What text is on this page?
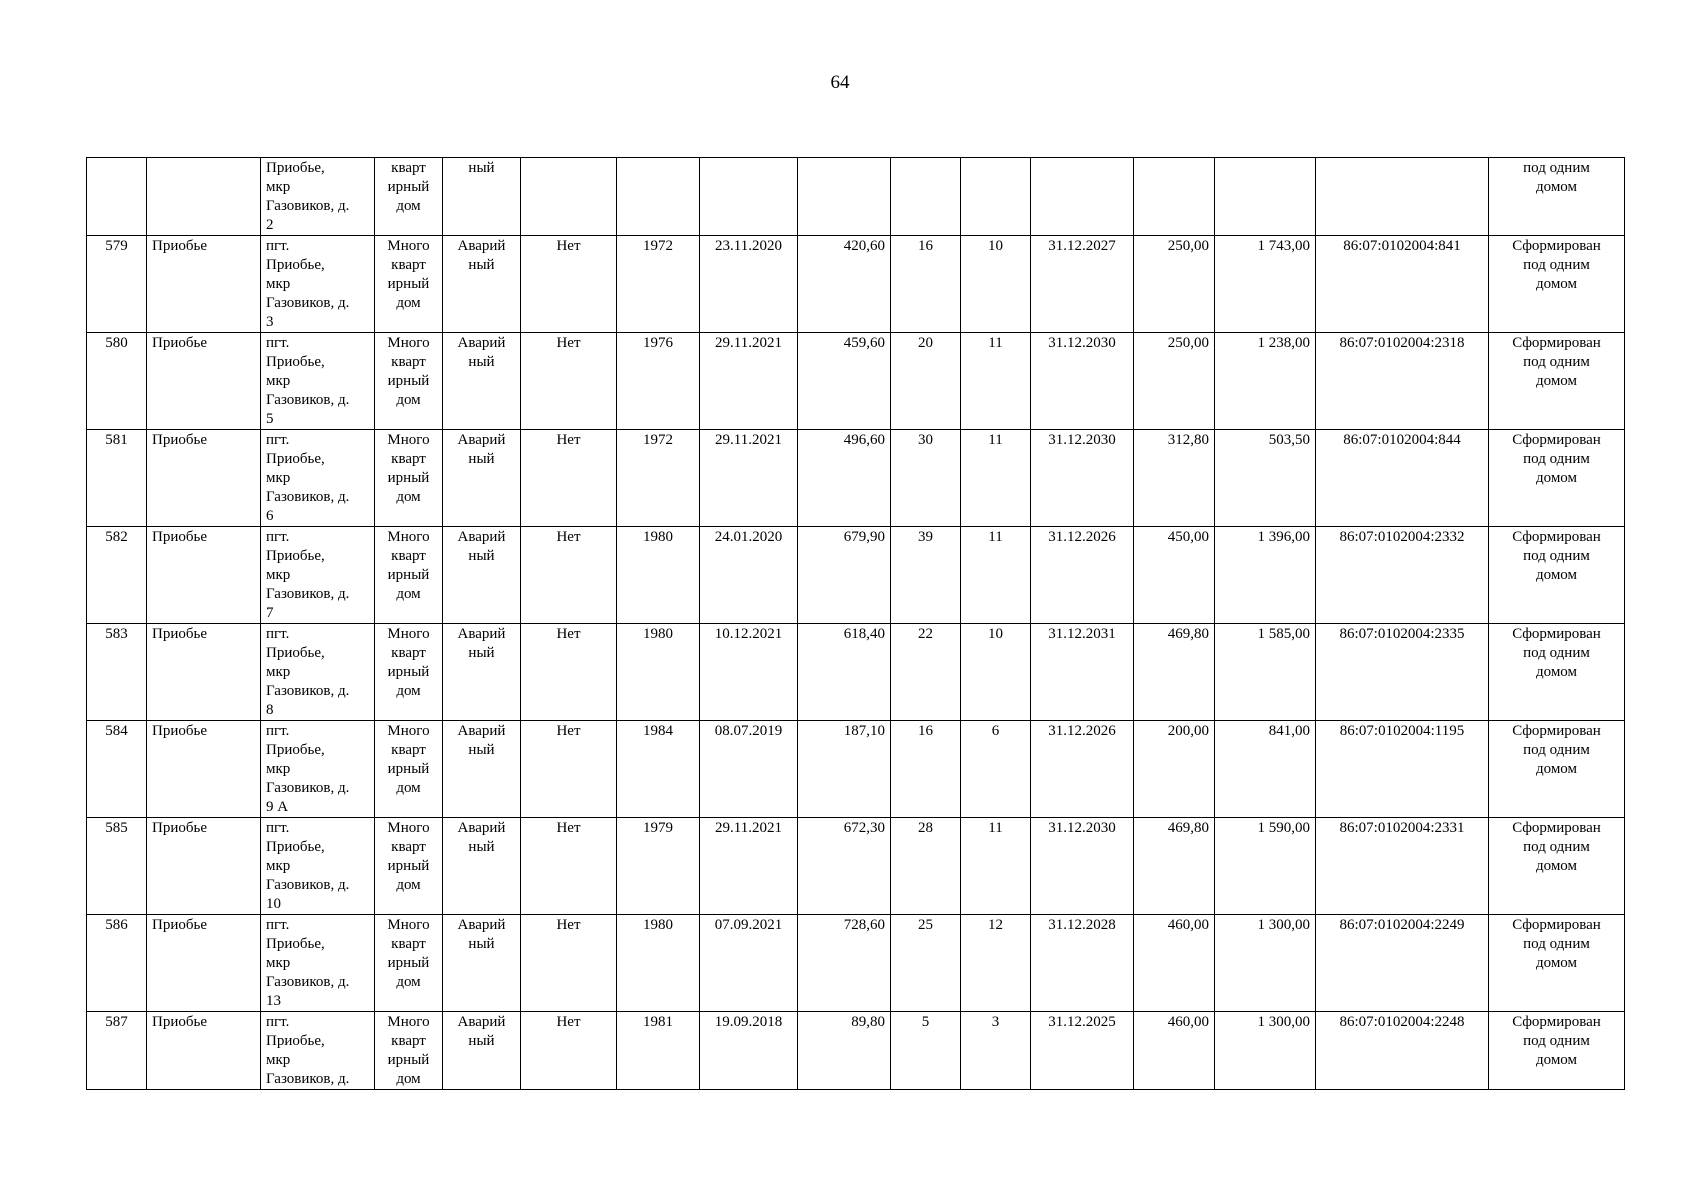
64
		Приобье,
мкр
Газовиков, д.
2	кварт
ирный
дом	ный											под одним
домом
579	Приобье	пгт.
Приобье,
мкр
Газовиков, д.
3	Много
кварт
ирный
дом	Аварий
ный	Нет	1972	23.11.2020	420,60	16	10	31.12.2027	250,00	1 743,00	86:07:0102004:841	Сформирован
под одним
домом
580	Приобье	пгт.
Приобье,
мкр
Газовиков, д.
5	Много
кварт
ирный
дом	Аварий
ный	Нет	1976	29.11.2021	459,60	20	11	31.12.2030	250,00	1 238,00	86:07:0102004:2318	Сформирован
под одним
домом
581	Приобье	пгт.
Приобье,
мкр
Газовиков, д.
6	Много
кварт
ирный
дом	Аварий
ный	Нет	1972	29.11.2021	496,60	30	11	31.12.2030	312,80	503,50	86:07:0102004:844	Сформирован
под одним
домом
582	Приобье	пгт.
Приобье,
мкр
Газовиков, д.
7	Много
кварт
ирный
дом	Аварий
ный	Нет	1980	24.01.2020	679,90	39	11	31.12.2026	450,00	1 396,00	86:07:0102004:2332	Сформирован
под одним
домом
583	Приобье	пгт.
Приобье,
мкр
Газовиков, д.
8	Много
кварт
ирный
дом	Аварий
ный	Нет	1980	10.12.2021	618,40	22	10	31.12.2031	469,80	1 585,00	86:07:0102004:2335	Сформирован
под одним
домом
584	Приобье	пгт.
Приобье,
мкр
Газовиков, д.
9 А	Много
кварт
ирный
дом	Аварий
ный	Нет	1984	08.07.2019	187,10	16	6	31.12.2026	200,00	841,00	86:07:0102004:1195	Сформирован
под одним
домом
585	Приобье	пгт.
Приобье,
мкр
Газовиков, д.
10	Много
кварт
ирный
дом	Аварий
ный	Нет	1979	29.11.2021	672,30	28	11	31.12.2030	469,80	1 590,00	86:07:0102004:2331	Сформирован
под одним
домом
586	Приобье	пгт.
Приобье,
мкр
Газовиков, д.
13	Много
кварт
ирный
дом	Аварий
ный	Нет	1980	07.09.2021	728,60	25	12	31.12.2028	460,00	1 300,00	86:07:0102004:2249	Сформирован
под одним
домом
587	Приобье	пгт.
Приобье,
мкр
Газовиков, д.	Много
кварт
ирный
дом	Аварий
ный	Нет	1981	19.09.2018	89,80	5	3	31.12.2025	460,00	1 300,00	86:07:0102004:2248	Сформирован
под одним
домом
